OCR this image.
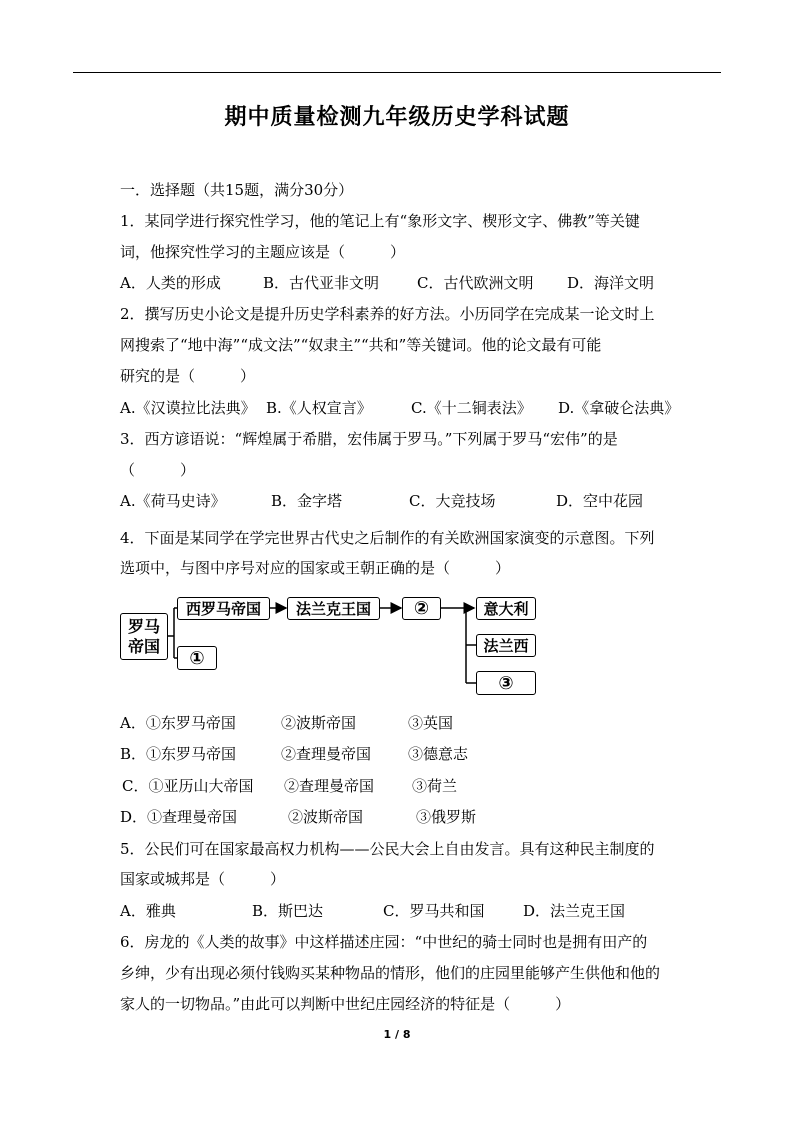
期中质量检测九年级历史学科试题
一．选择题（共15题，满分30分）
1．某同学进行探究性学习，他的笔记上有“象形文字、楔形文字、佛教”等关键
词，他探究性学习的主题应该是（　　　）
A．人类的形成	B．古代亚非文明	C．古代欧洲文明 D．海洋文明
2．撰写历史小论文是提升历史学科素养的好方法。小历同学在完成某一论文时上
网搜索了“地中海”“成文法”“奴隶主”“共和”等关键词。他的论文最有可能
研究的是（　　　）
A.《汉谟拉比法典》 B.《人权宣言》	C.《十二铜表法》 D.《拿破仑法典》
3．西方谚语说：“辉煌属于希腊，宏伟属于罗马。”下列属于罗马“宏伟”的是
（　　　）
A.《荷马史诗》	B．金字塔	C．大竞技场	D．空中花园
4．下面是某同学在学完世界古代史之后制作的有关欧洲国家演变的示意图。下列
选项中，与图中序号对应的国家或王朝正确的是（　　　）
罗马
帝国
西罗马帝国
①
法兰克王国	②	意大利
法兰西
③
A．①东罗马帝国	②波斯帝国	③英国
B．①东罗马帝国	②查理曼帝国 ③德意志
C．①亚历山大帝国 ②查理曼帝国	③荷兰
D．①查理曼帝国	②波斯帝国	③俄罗斯
5．公民们可在国家最高权力机构——公民大会上自由发言。具有这种民主制度的
国家或城邦是（　　　）
A．雅典	B．斯巴达	C．罗马共和国	D．法兰克王国
6．房龙的《人类的故事》中这样描述庄园：“中世纪的骑士同时也是拥有田产的
乡绅，少有出现必须付钱购买某种物品的情形，他们的庄园里能够产生供他和他的
家人的一切物品。”由此可以判断中世纪庄园经济的特征是（　　　）
1 / 8
